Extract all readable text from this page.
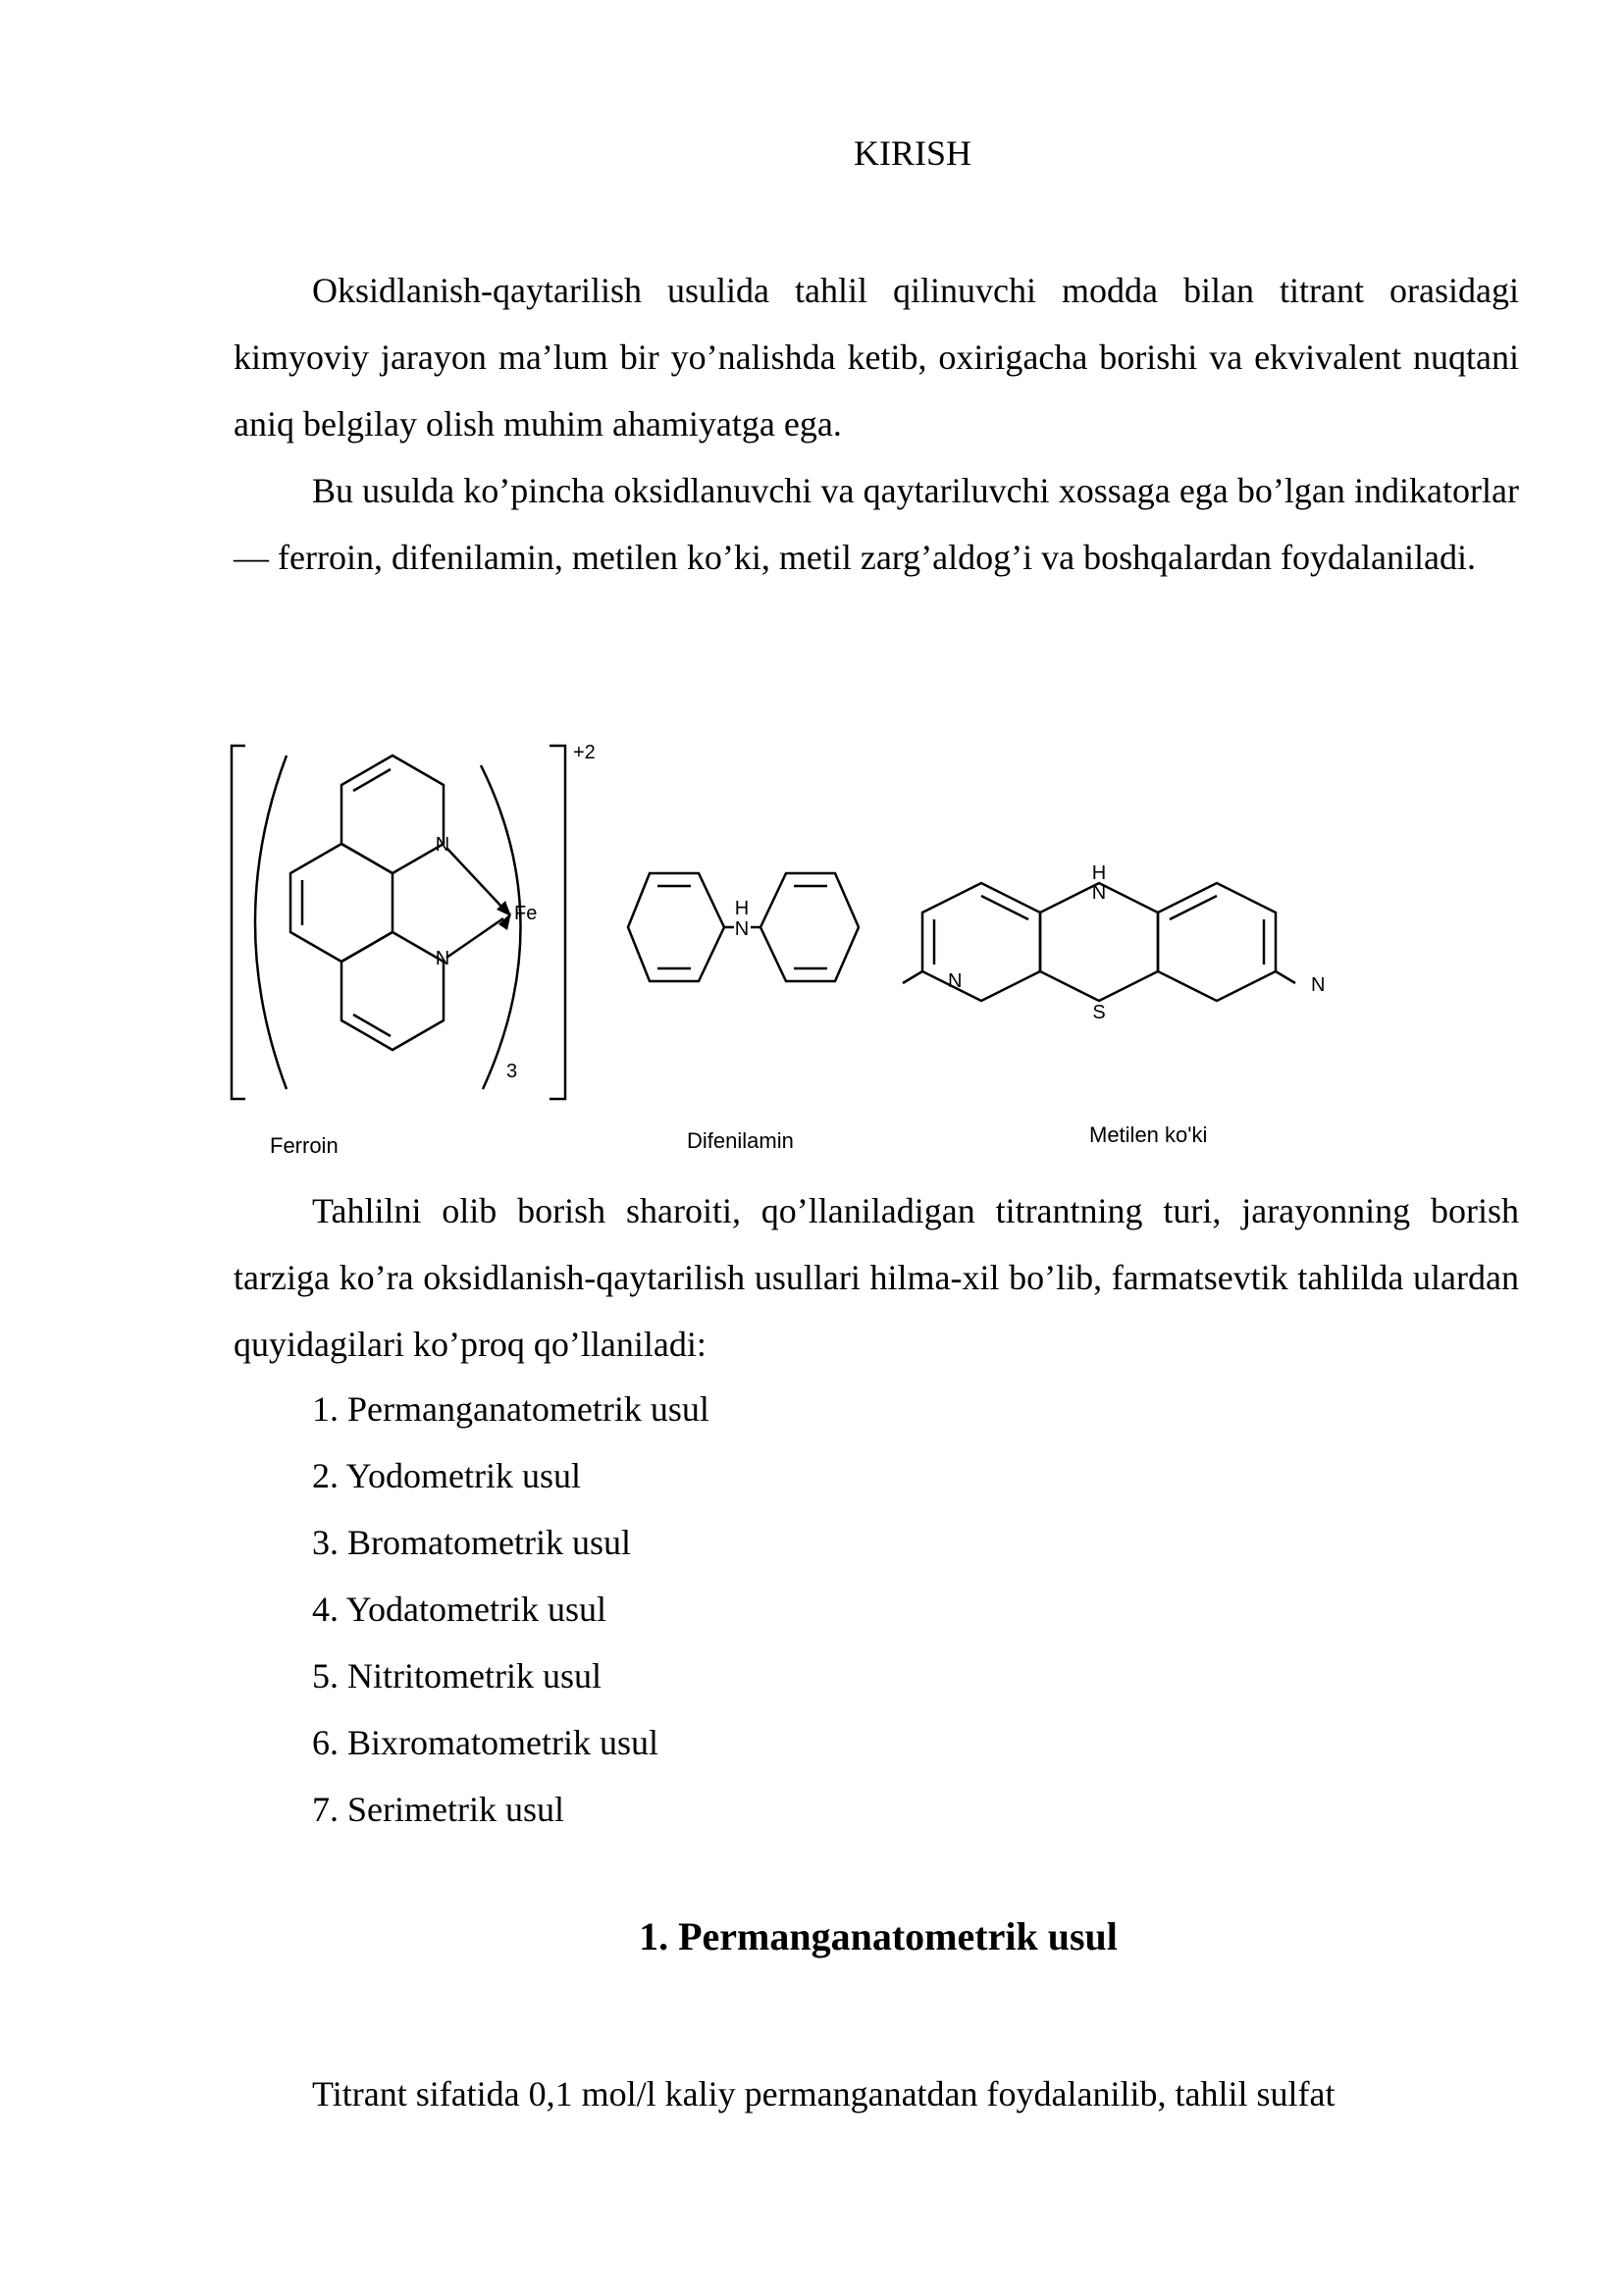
KIRISH

Oksidlanish-qaytarilish usulida tahlil qilinuvchi modda bilan titrant orasidagi kimyoviy jarayon ma’lum bir yo’nalishda ketib, oxirigacha borishi va ekvivalent nuqtani aniq belgilay olish muhim ahamiyatga ega.

Bu usulda ko’pincha oksidlanuvchi va qaytariluvchi xossaga ega bo’lgan indikatorlar — ferroin, difenilamin, metilen ko’ki, metil zarg’aldog’i va boshqalardan foydalaniladi.

N
N
Fe
+2
3
Ferroin
H
N
Difenilamin
H
N
S
N	N
Metilen ko'ki

Tahlilni olib borish sharoiti, qo’llaniladigan titrantning turi, jarayonning borish tarziga ko’ra oksidlanish-qaytarilish usullari hilma-xil bo’lib, farmatsevtik tahlilda ulardan quyidagilari ko’proq qo’llaniladi:

1. Permanganatometrik usul
2. Yodometrik usul
3. Bromatometrik usul
4. Yodatometrik usul
5. Nitritometrik usul
6. Bixromatometrik usul
7. Serimetrik usul
1. Permanganatometrik usul

Titrant sifatida 0,1 mol/l kaliy permanganatdan foydalanilib, tahlil sulfat
